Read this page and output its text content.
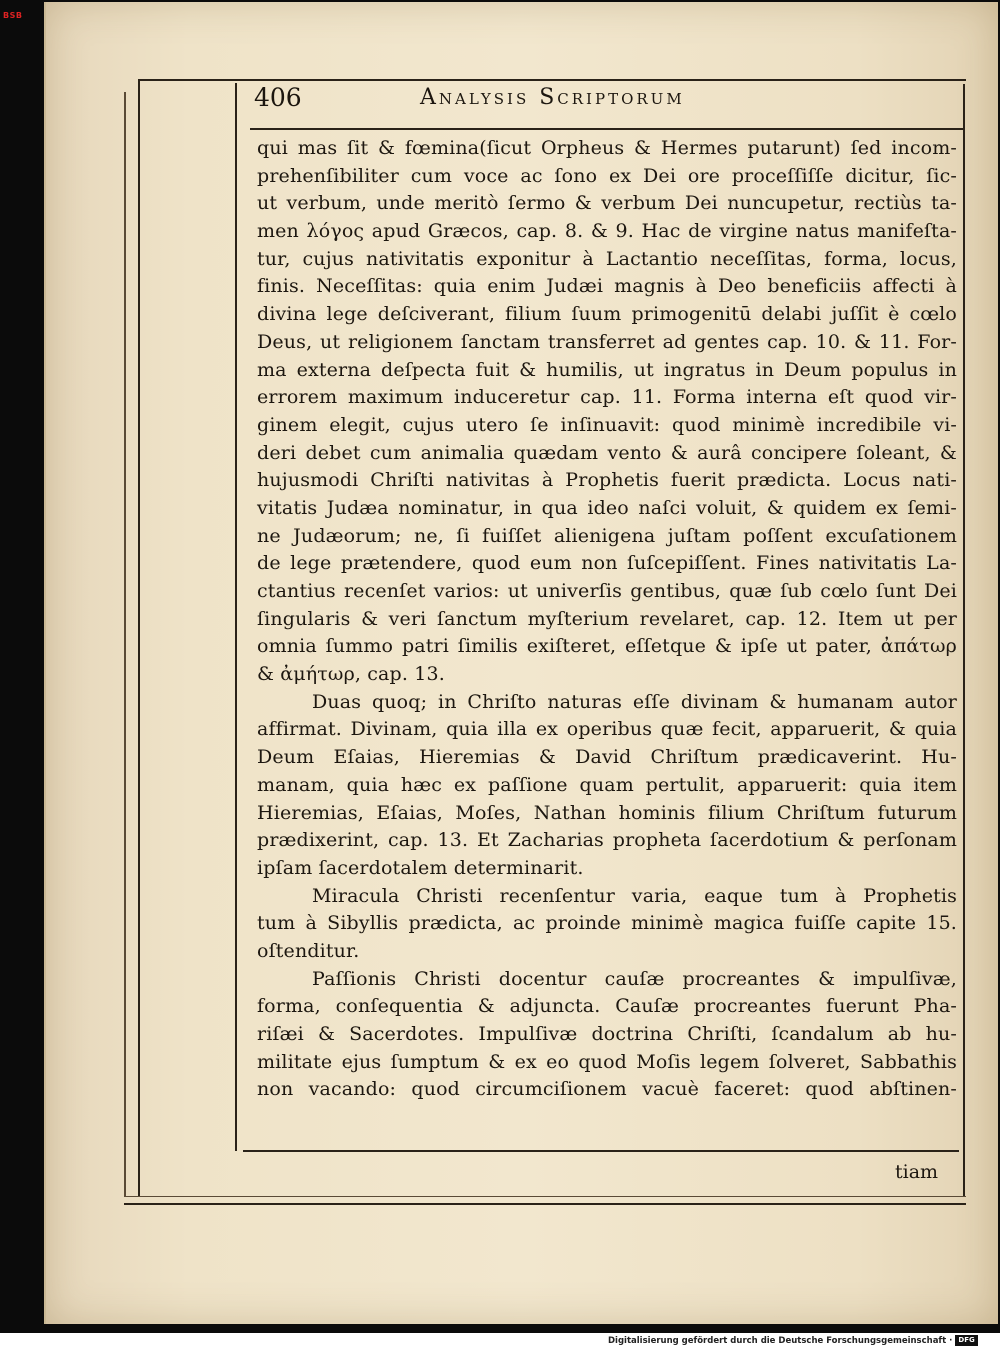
BSB
406	Analysis Scriptorum
qui mas ſit & fœmina(ſicut Orpheus & Hermes putarunt) ſed incom-
prehenſibiliter cum voce ac ſono ex Dei ore proceſſiſſe dicitur, ſic-
ut verbum, unde meritò ſermo & verbum Dei nuncupetur, rectiùs ta-
men λόγος apud Græcos, cap. 8. & 9. Hac de virgine natus manifeſta-
tur, cujus nativitatis exponitur à Lactantio neceſſitas, forma, locus,
finis. Neceſſitas: quia enim Judæi magnis à Deo beneficiis affecti à
divina lege deſciverant, filium ſuum primogenitū delabi juſſit è cœlo
Deus, ut religionem ſanctam transferret ad gentes cap. 10. & 11. For-
ma externa deſpecta fuit & humilis, ut ingratus in Deum populus in
errorem maximum induceretur cap. 11. Forma interna eſt quod vir-
ginem elegit, cujus utero ſe inſinuavit: quod minimè incredibile vi-
deri debet cum animalia quædam vento & aurâ concipere ſoleant, &
hujusmodi Chriſti nativitas à Prophetis fuerit prædicta. Locus nati-
vitatis Judæa nominatur, in qua ideo naſci voluit, & quidem ex ſemi-
ne Judæorum; ne, ſi fuiſſet alienigena juſtam poſſent excuſationem
de lege prætendere, quod eum non ſuſcepiſſent. Fines nativitatis La-
ctantius recenſet varios: ut univerſis gentibus, quæ ſub cœlo ſunt Dei
ſingularis & veri ſanctum myſterium revelaret, cap. 12. Item ut per
omnia ſummo patri ſimilis exiſteret, eſſetque & ipſe ut pater, ἀπάτωρ
& ἀμήτωρ, cap. 13.
Duas quoq; in Chriſto naturas eſſe divinam & humanam autor
affirmat. Divinam, quia illa ex operibus quæ fecit, apparuerit, & quia
Deum Eſaias, Hieremias & David Chriſtum prædicaverint. Hu-
manam, quia hæc ex paſſione quam pertulit, apparuerit: quia item
Hieremias, Eſaias, Moſes, Nathan hominis filium Chriſtum futurum
prædixerint, cap. 13. Et Zacharias propheta ſacerdotium & perſonam
ipſam ſacerdotalem determinarit.
Miracula Christi recenſentur varia, eaque tum à Prophetis
tum à Sibyllis prædicta, ac proinde minimè magica fuiſſe capite 15.
oſtenditur.
Paſſionis Christi docentur cauſæ procreantes & impulſivæ,
forma, conſequentia & adjuncta. Cauſæ procreantes fuerunt Pha-
riſæi & Sacerdotes. Impulſivæ doctrina Chriſti, ſcandalum ab hu-
militate ejus ſumptum & ex eo quod Moſis legem ſolveret, Sabbathis
non vacando: quod circumciſionem vacuè faceret: quod abſtinen-
tiam
Digitalisierung gefördert durch die Deutsche Forschungsgemeinschaft · DFG
